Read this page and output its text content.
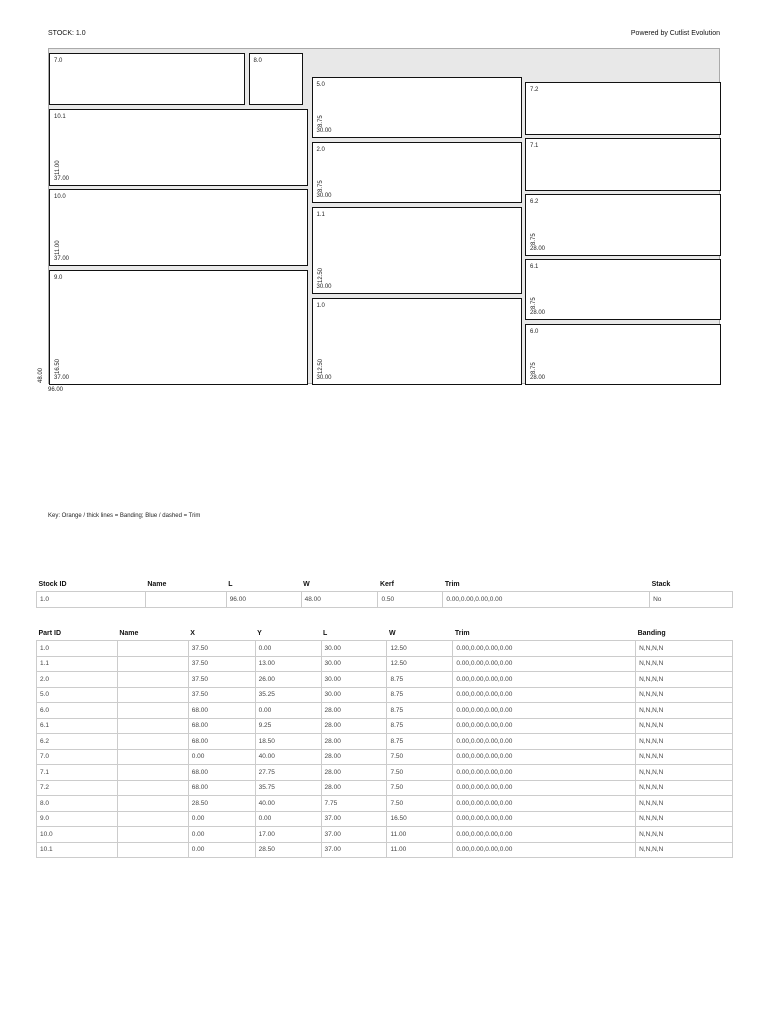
STOCK: 1.0	Powered by Cutlist Evolution
7.0	8.0
10.1
37.00
11.00
10.0
37.00
11.00
9.0
37.00
16.50
5.0
30.00
8.75
2.0
30.00
8.75
1.1
30.00
12.50
1.0
30.00
12.50
7.2
7.1
6.2
28.00
8.75
6.1
28.00
8.75
6.0
28.00
8.75
96.00
48.00
Key: Orange / thick lines = Banding; Blue / dashed = Trim
Stock ID	Name	L	W	Kerf	Trim	Stack
1.0		96.00	48.00	0.50	0.00,0.00,0.00,0.00	No
Part ID	Name	X	Y	L	W	Trim	Banding
1.0		37.50	0.00	30.00	12.50	0.00,0.00,0.00,0.00	N,N,N,N
1.1		37.50	13.00	30.00	12.50	0.00,0.00,0.00,0.00	N,N,N,N
2.0		37.50	26.00	30.00	8.75	0.00,0.00,0.00,0.00	N,N,N,N
5.0		37.50	35.25	30.00	8.75	0.00,0.00,0.00,0.00	N,N,N,N
6.0		68.00	0.00	28.00	8.75	0.00,0.00,0.00,0.00	N,N,N,N
6.1		68.00	9.25	28.00	8.75	0.00,0.00,0.00,0.00	N,N,N,N
6.2		68.00	18.50	28.00	8.75	0.00,0.00,0.00,0.00	N,N,N,N
7.0		0.00	40.00	28.00	7.50	0.00,0.00,0.00,0.00	N,N,N,N
7.1		68.00	27.75	28.00	7.50	0.00,0.00,0.00,0.00	N,N,N,N
7.2		68.00	35.75	28.00	7.50	0.00,0.00,0.00,0.00	N,N,N,N
8.0		28.50	40.00	7.75	7.50	0.00,0.00,0.00,0.00	N,N,N,N
9.0		0.00	0.00	37.00	16.50	0.00,0.00,0.00,0.00	N,N,N,N
10.0		0.00	17.00	37.00	11.00	0.00,0.00,0.00,0.00	N,N,N,N
10.1		0.00	28.50	37.00	11.00	0.00,0.00,0.00,0.00	N,N,N,N
